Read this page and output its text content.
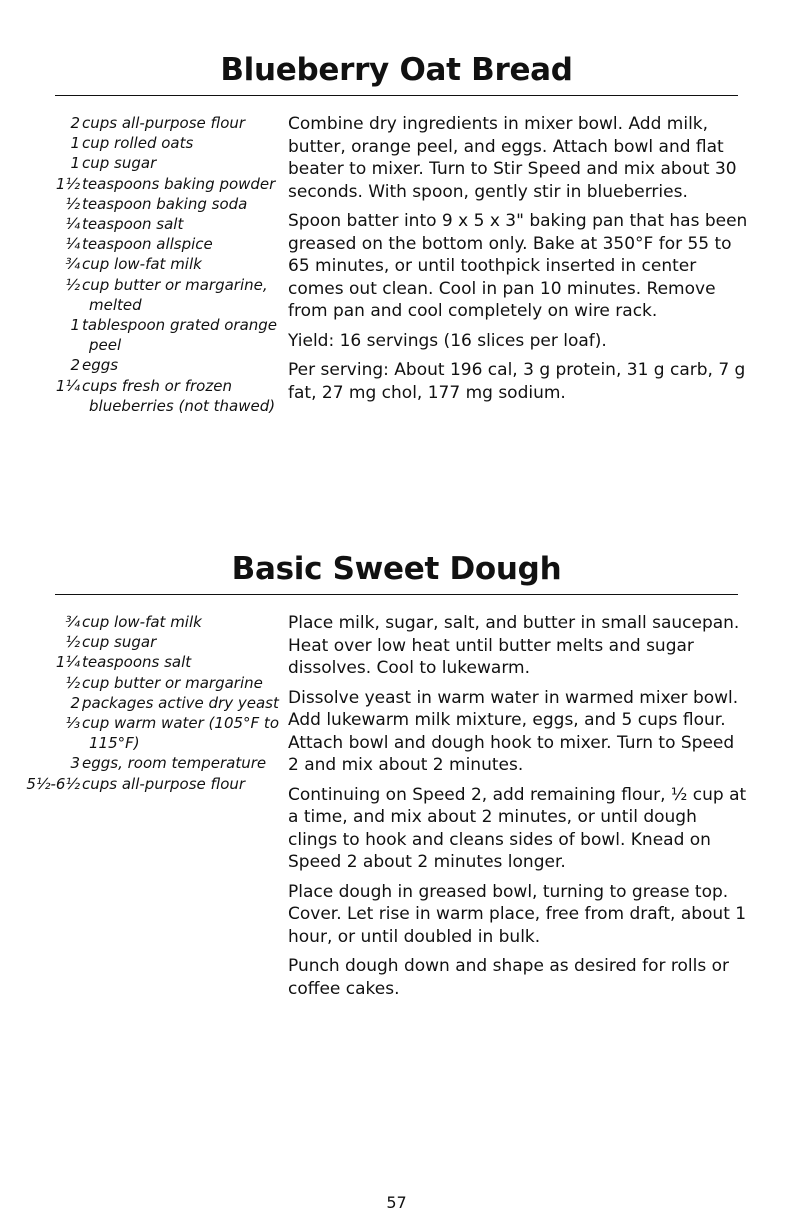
Blueberry Oat Bread
2 cups all-purpose flour
1 cup rolled oats
1 cup sugar
1½ teaspoons baking powder
½ teaspoon baking soda
¼ teaspoon salt
¼ teaspoon allspice
¾ cup low-fat milk
½ cup butter or margarine, melted
1 tablespoon grated orange peel
2 eggs
1¼ cups fresh or frozen blueberries (not thawed)

Combine dry ingredients in mixer bowl. Add milk, butter, orange peel, and eggs. Attach bowl and flat beater to mixer. Turn to Stir Speed and mix about 30 seconds. With spoon, gently stir in blueberries.

Spoon batter into 9 x 5 x 3" baking pan that has been greased on the bottom only. Bake at 350°F for 55 to 65 minutes, or until toothpick inserted in center comes out clean. Cool in pan 10 minutes. Remove from pan and cool completely on wire rack.

Yield: 16 servings (16 slices per loaf).

Per serving: About 196 cal, 3 g protein, 31 g carb, 7 g fat, 27 mg chol, 177 mg sodium.

Basic Sweet Dough
¾ cup low-fat milk
½ cup sugar
1¼ teaspoons salt
½ cup butter or margarine
2 packages active dry yeast
⅓ cup warm water (105°F to 115°F)
3 eggs, room temperature
5½-6½ cups all-purpose flour

Place milk, sugar, salt, and butter in small saucepan. Heat over low heat until butter melts and sugar dissolves. Cool to lukewarm.

Dissolve yeast in warm water in warmed mixer bowl. Add lukewarm milk mixture, eggs, and 5 cups flour. Attach bowl and dough hook to mixer. Turn to Speed 2 and mix about 2 minutes.

Continuing on Speed 2, add remaining flour, ½ cup at a time, and mix about 2 minutes, or until dough clings to hook and cleans sides of bowl. Knead on Speed 2 about 2 minutes longer.

Place dough in greased bowl, turning to grease top. Cover. Let rise in warm place, free from draft, about 1 hour, or until doubled in bulk.

Punch dough down and shape as desired for rolls or coffee cakes.

57
